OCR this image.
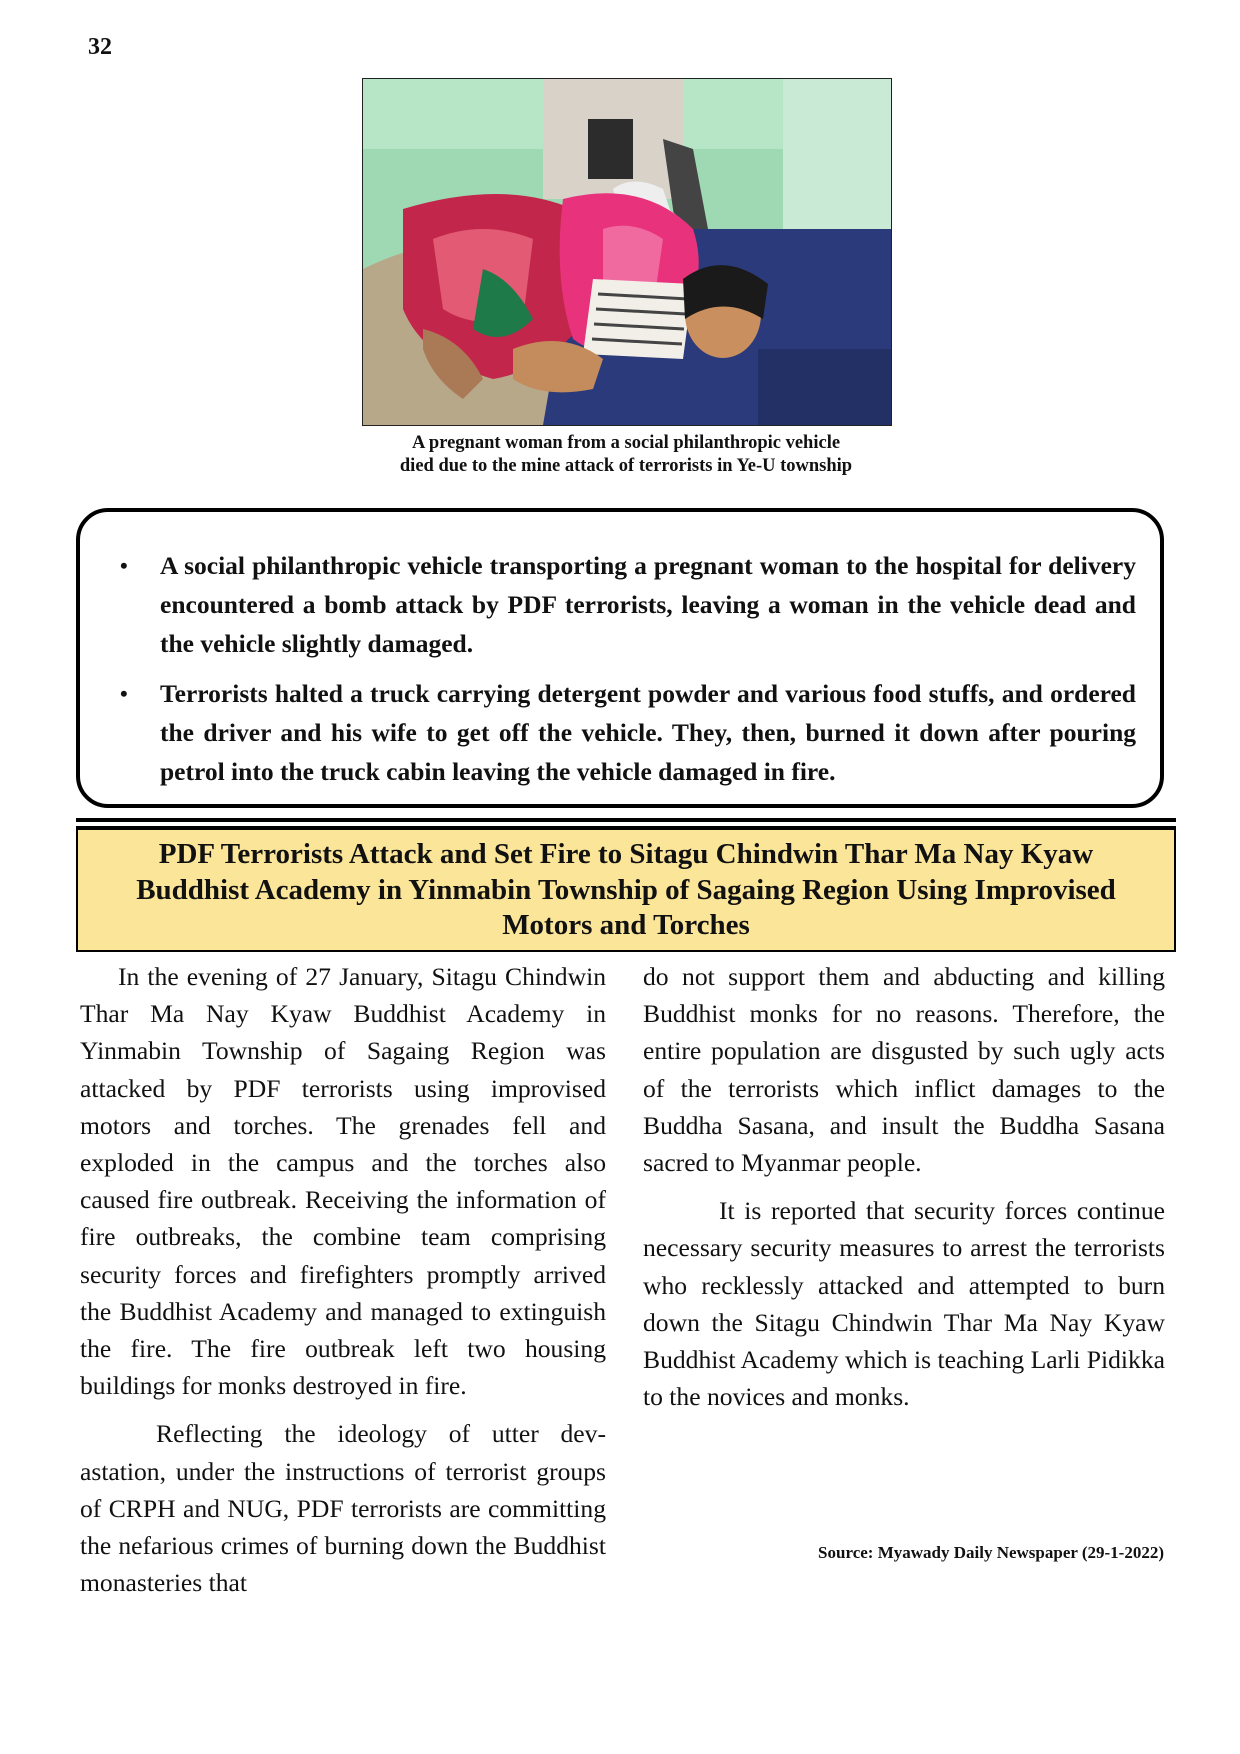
32
A pregnant woman from a social philanthropic vehicle
died due to the mine attack of terrorists in Ye-U township
• A social philanthropic vehicle transporting a pregnant woman to the hospital for delivery encountered a bomb attack by PDF terrorists, leaving a woman in the vehicle dead and the vehicle slightly damaged.
• Terrorists halted a truck carrying detergent powder and various food stuffs, and ordered the driver and his wife to get off the vehicle. They, then, burned it down after pouring petrol into the truck cabin leaving the vehicle damaged in fire.
PDF Terrorists Attack and Set Fire to Sitagu Chindwin Thar Ma Nay Kyaw
Buddhist Academy in Yinmabin Township of Sagaing Region Using Improvised
Motors and Torches

In the evening of 27 January, Sitagu Chindwin Thar Ma Nay Kyaw Buddhist Academy in Yinmabin Township of Sagaing Region was attacked by PDF terrorists using improvised motors and torches. The grenades fell and exploded in the campus and the torches also caused fire outbreak. Receiving the information of fire outbreaks, the combine team comprising security forces and firefighters promptly arrived the Buddhist Academy and managed to extinguish the fire. The fire outbreak left two housing buildings for monks destroyed in fire.

Reflecting the ideology of utter devastation, under the instructions of terrorist groups of CRPH and NUG, PDF terrorists are committing the nefarious crimes of burning down the Buddhist monasteries that

do not support them and abducting and killing Buddhist monks for no reasons. Therefore, the entire population are disgusted by such ugly acts of the terrorists which inflict damages to the Buddha Sasana, and insult the Buddha Sasana sacred to Myanmar people.

It is reported that security forces continue necessary security measures to arrest the terrorists who recklessly attacked and attempted to burn down the Sitagu Chindwin Thar Ma Nay Kyaw Buddhist Academy which is teaching Larli Pidikka to the novices and monks.

Source: Myawady Daily Newspaper (29-1-2022)
